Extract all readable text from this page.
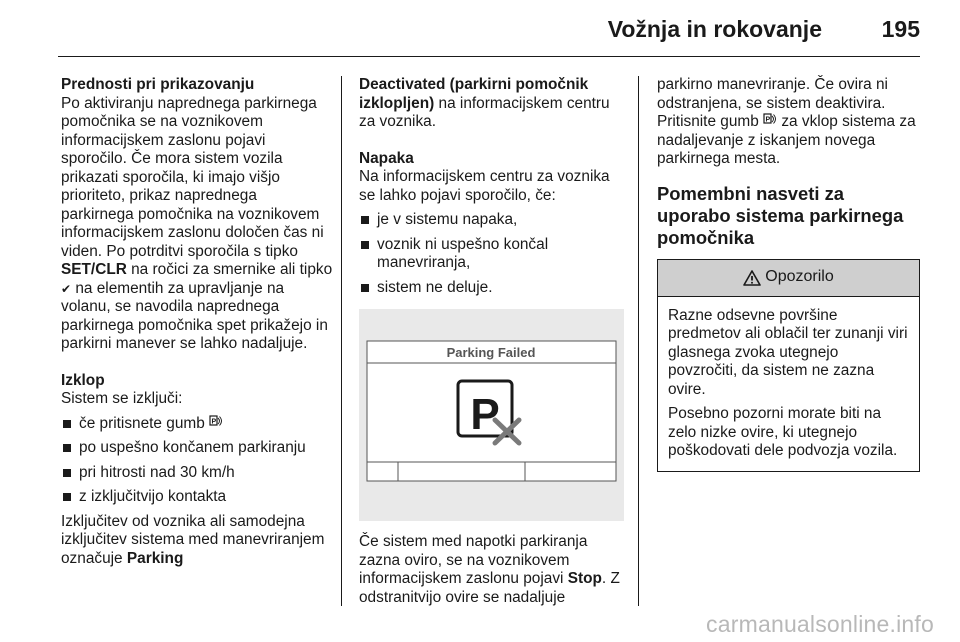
Vožnja in rokovanje	195

Prednosti pri prikazovanju

Po aktiviranju naprednega parkirnega pomočnika se na voznikovem informacijskem zaslonu pojavi sporočilo. Če mora sistem vozila prikazati sporočila, ki imajo višjo prioriteto, prikaz naprednega parkirnega pomočnika na voznikovem informacijskem zaslonu določen čas ni viden. Po potrditvi sporočila s tipko SET/CLR na ročici za smernike ali tipko ✔ na elementih za upravljanje na volanu, se navodila naprednega parkirnega pomočnika spet prikažejo in parkirni manever se lahko nadaljuje.

Izklop

Sistem se izključi:

če pritisnete gumb P
po uspešno končanem parkiranju
pri hitrosti nad 30 km/h
z izključitvijo kontakta

Izključitev od voznika ali samodejna izključitev sistema med manevriranjem označuje Parking

Deactivated (parkirni pomočnik izklopljen) na informacijskem centru za voznika.

Napaka

Na informacijskem centru za voznika se lahko pojavi sporočilo, če:

je v sistemu napaka,
voznik ni uspešno končal manevriranja,
sistem ne deluje.
Parking Failed
P

Če sistem med napotki parkiranja zazna oviro, se na voznikovem informacijskem zaslonu pojavi Stop. Z odstranitvijo ovire se nadaljuje

parkirno manevriranje. Če ovira ni odstranjena, se sistem deaktivira. Pritisnite gumb P za vklop sistema za nadaljevanje z iskanjem novega parkirnega mesta.

Pomembni nasveti za uporabo sistema parkirnega pomočnika

Opozorilo

Razne odsevne površine predmetov ali oblačil ter zunanji viri glasnega zvoka utegnejo povzročiti, da sistem ne zazna ovire.

Posebno pozorni morate biti na zelo nizke ovire, ki utegnejo poškodovati dele podvozja vozila.

carmanualsonline.info
